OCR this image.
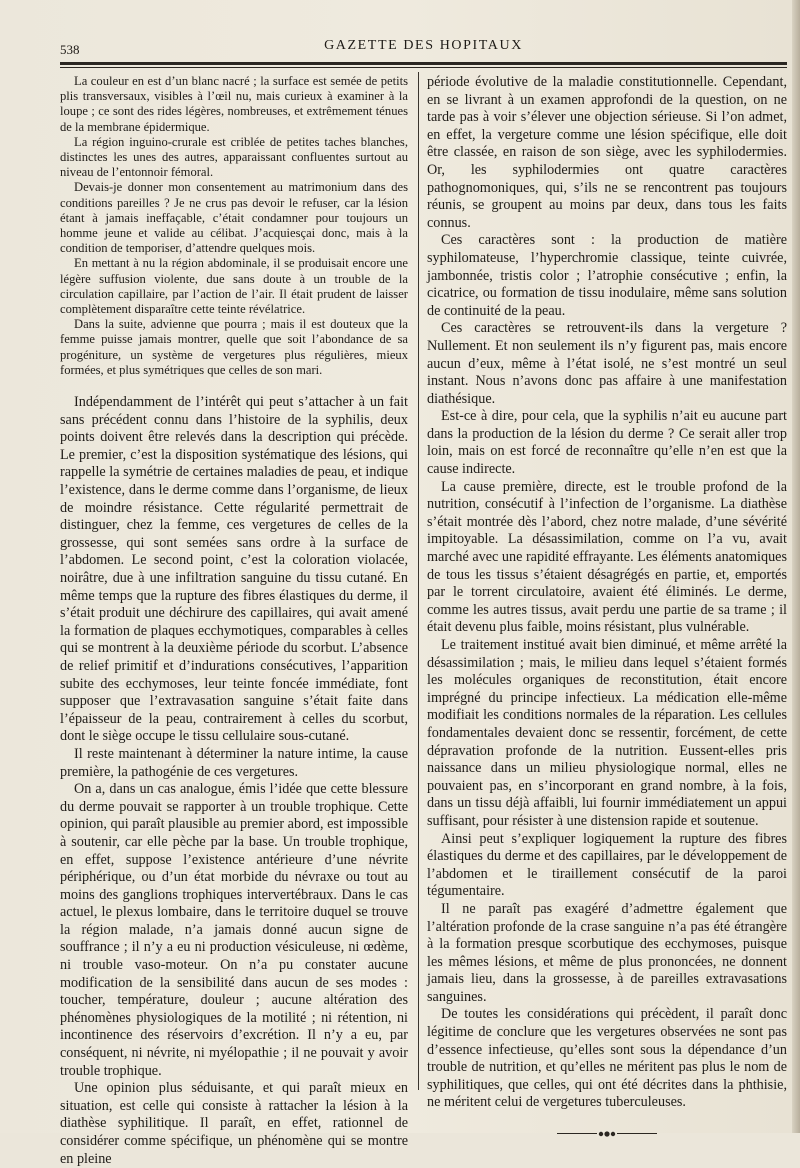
538	GAZETTE DES HOPITAUX

La couleur en est d’un blanc nacré ; la surface est semée de petits plis transversaux, visibles à l’œil nu, mais curieux à examiner à la loupe ; ce sont des rides légères, nombreuses, et extrêmement ténues de la membrane épidermique.

La région inguino-crurale est criblée de petites taches blanches, distinctes les unes des autres, apparaissant confluentes surtout au niveau de l’entonnoir fémoral.

Devais-je donner mon consentement au matrimonium dans des conditions pareilles ? Je ne crus pas devoir le refuser, car la lésion étant à jamais ineffaçable, c’était condamner pour toujours un homme jeune et valide au célibat. J’acquiesçai donc, mais à la condition de temporiser, d’attendre quelques mois.

En mettant à nu la région abdominale, il se produisait encore une légère suffusion violente, due sans doute à un trouble de la circulation capillaire, par l’action de l’air. Il était prudent de laisser complètement disparaître cette teinte révélatrice.

Dans la suite, advienne que pourra ; mais il est douteux que la femme puisse jamais montrer, quelle que soit l’abondance de sa progéniture, un système de vergetures plus régulières, mieux formées, et plus symétriques que celles de son mari.

Indépendamment de l’intérêt qui peut s’attacher à un fait sans précédent connu dans l’histoire de la syphilis, deux points doivent être relevés dans la description qui précède. Le premier, c’est la disposition systématique des lésions, qui rappelle la symétrie de certaines maladies de peau, et indique l’existence, dans le derme comme dans l’organisme, de lieux de moindre résistance. Cette régularité permettrait de distinguer, chez la femme, ces vergetures de celles de la grossesse, qui sont semées sans ordre à la surface de l’abdomen. Le second point, c’est la coloration violacée, noirâtre, due à une infiltration sanguine du tissu cutané. En même temps que la rupture des fibres élastiques du derme, il s’était produit une déchirure des capillaires, qui avait amené la formation de plaques ecchymotiques, comparables à celles qui se montrent à la deuxième période du scorbut. L’absence de relief primitif et d’indurations consécutives, l’apparition subite des ecchymoses, leur teinte foncée immédiate, font supposer que l’extravasation sanguine s’était faite dans l’épaisseur de la peau, contrairement à celles du scorbut, dont le siège occupe le tissu cellulaire sous-cutané.

Il reste maintenant à déterminer la nature intime, la cause première, la pathogénie de ces vergetures.

On a, dans un cas analogue, émis l’idée que cette blessure du derme pouvait se rapporter à un trouble trophique. Cette opinion, qui paraît plausible au premier abord, est impossible à soutenir, car elle pèche par la base. Un trouble trophique, en effet, suppose l’existence antérieure d’une névrite périphérique, ou d’un état morbide du névraxe ou tout au moins des ganglions trophiques intervertébraux. Dans le cas actuel, le plexus lombaire, dans le territoire duquel se trouve la région malade, n’a jamais donné aucun signe de souffrance ; il n’y a eu ni production vésiculeuse, ni œdème, ni trouble vaso-moteur. On n’a pu constater aucune modification de la sensibilité dans aucun de ses modes : toucher, température, douleur ; aucune altération des phénomènes physiologiques de la motilité ; ni rétention, ni incontinence des réservoirs d’excrétion. Il n’y a eu, par conséquent, ni névrite, ni myélopathie ; il ne pouvait y avoir trouble trophique.

Une opinion plus séduisante, et qui paraît mieux en situation, est celle qui consiste à rattacher la lésion à la diathèse syphilitique. Il paraît, en effet, rationnel de considérer comme spécifique, un phénomène qui se montre en pleine

période évolutive de la maladie constitutionnelle. Cependant, en se livrant à un examen approfondi de la question, on ne tarde pas à voir s’élever une objection sérieuse. Si l’on admet, en effet, la vergeture comme une lésion spécifique, elle doit être classée, en raison de son siège, avec les syphilodermies. Or, les syphilodermies ont quatre caractères pathognomoniques, qui, s’ils ne se rencontrent pas toujours réunis, se groupent au moins par deux, dans tous les faits connus.

Ces caractères sont : la production de matière syphilomateuse, l’hyperchromie classique, teinte cuivrée, jambonnée, tristis color ; l’atrophie consécutive ; enfin, la cicatrice, ou formation de tissu inodulaire, même sans solution de continuité de la peau.

Ces caractères se retrouvent-ils dans la vergeture ? Nullement. Et non seulement ils n’y figurent pas, mais encore aucun d’eux, même à l’état isolé, ne s’est montré un seul instant. Nous n’avons donc pas affaire à une manifestation diathésique.

Est-ce à dire, pour cela, que la syphilis n’ait eu aucune part dans la production de la lésion du derme ? Ce serait aller trop loin, mais on est forcé de reconnaître qu’elle n’en est que la cause indirecte.

La cause première, directe, est le trouble profond de la nutrition, consécutif à l’infection de l’organisme. La diathèse s’était montrée dès l’abord, chez notre malade, d’une sévérité impitoyable. La désassimilation, comme on l’a vu, avait marché avec une rapidité effrayante. Les éléments anatomiques de tous les tissus s’étaient désagrégés en partie, et, emportés par le torrent circulatoire, avaient été éliminés. Le derme, comme les autres tissus, avait perdu une partie de sa trame ; il était devenu plus faible, moins résistant, plus vulnérable.

Le traitement institué avait bien diminué, et même arrêté la désassimilation ; mais, le milieu dans lequel s’étaient formés les molécules organiques de reconstitution, était encore imprégné du principe infectieux. La médication elle-même modifiait les conditions normales de la réparation. Les cellules fondamentales devaient donc se ressentir, forcément, de cette dépravation profonde de la nutrition. Eussent-elles pris naissance dans un milieu physiologique normal, elles ne pouvaient pas, en s’incorporant en grand nombre, à la fois, dans un tissu déjà affaibli, lui fournir immédiatement un appui suffisant, pour résister à une distension rapide et soutenue.

Ainsi peut s’expliquer logiquement la rupture des fibres élastiques du derme et des capillaires, par le développement de l’abdomen et le tiraillement consécutif de la paroi tégumentaire.

Il ne paraît pas exagéré d’admettre également que l’altération profonde de la crase sanguine n’a pas été étrangère à la formation presque scorbutique des ecchymoses, puisque les mêmes lésions, et même de plus prononcées, ne donnent jamais lieu, dans la grossesse, à de pareilles extravasations sanguines.

De toutes les considérations qui précèdent, il paraît donc légitime de conclure que les vergetures observées ne sont pas d’essence infectieuse, qu’elles sont sous la dépendance d’un trouble de nutrition, et qu’elles ne méritent pas plus le nom de syphilitiques, que celles, qui ont été décrites dans la phthisie, ne méritent celui de vergetures tuberculeuses.
